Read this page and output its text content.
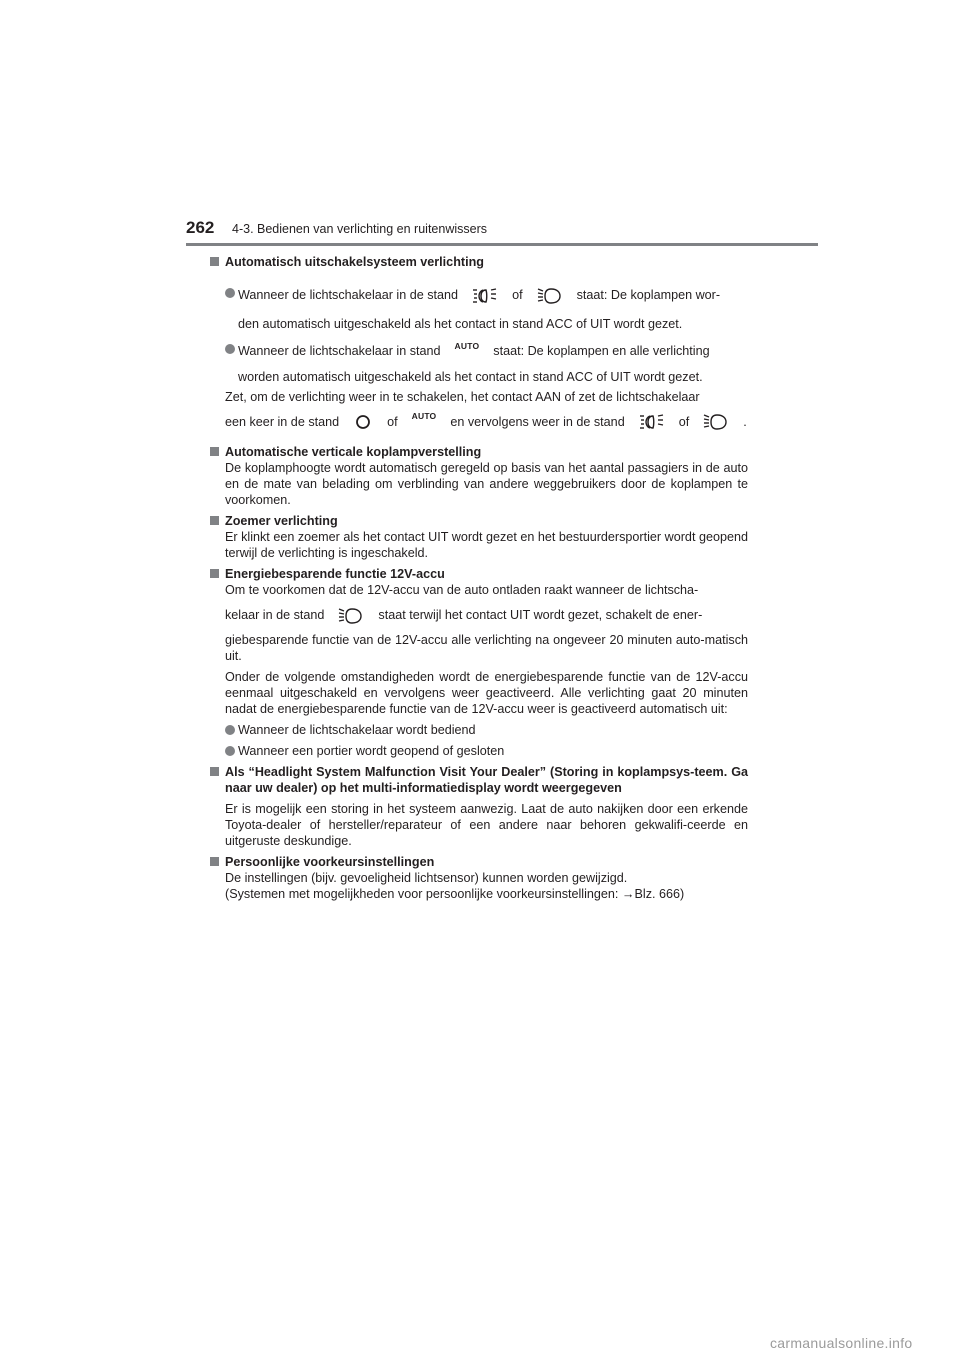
262 4-3. Bedienen van verlichting en ruitenwissers
Automatisch uitschakelsysteem verlichting
Wanneer de lichtschakelaar in de stand	of	staat: De koplampen wor-
den automatisch uitgeschakeld als het contact in stand ACC of UIT wordt gezet.
Wanneer de lichtschakelaar in stand AUTO staat: De koplampen en alle verlichting
worden automatisch uitgeschakeld als het contact in stand ACC of UIT wordt gezet.
Zet, om de verlichting weer in te schakelen, het contact AAN of zet de lichtschakelaar
een keer in de stand	of AUTO en vervolgens weer in de stand	of	.
Automatische verticale koplampverstelling
De koplamphoogte wordt automatisch geregeld op basis van het aantal passagiers in de auto en de mate van belading om verblinding van andere weggebruikers door de koplampen te voorkomen.
Zoemer verlichting
Er klinkt een zoemer als het contact UIT wordt gezet en het bestuurdersportier wordt geopend terwijl de verlichting is ingeschakeld.
Energiebesparende functie 12V-accu
Om te voorkomen dat de 12V-accu van de auto ontladen raakt wanneer de lichtscha-
kelaar in de stand	staat terwijl het contact UIT wordt gezet, schakelt de ener-
giebesparende functie van de 12V-accu alle verlichting na ongeveer 20 minuten auto-matisch uit.
Onder de volgende omstandigheden wordt de energiebesparende functie van de 12V-accu eenmaal uitgeschakeld en vervolgens weer geactiveerd. Alle verlichting gaat 20 minuten nadat de energiebesparende functie van de 12V-accu weer is geactiveerd automatisch uit:
Wanneer de lichtschakelaar wordt bediend
Wanneer een portier wordt geopend of gesloten
Als “Headlight System Malfunction Visit Your Dealer” (Storing in koplampsys-teem. Ga naar uw dealer) op het multi-informatiedisplay wordt weergegeven
Er is mogelijk een storing in het systeem aanwezig. Laat de auto nakijken door een erkende Toyota-dealer of hersteller/reparateur of een andere naar behoren gekwalifi-ceerde en uitgeruste deskundige.
Persoonlijke voorkeursinstellingen
De instellingen (bijv. gevoeligheid lichtsensor) kunnen worden gewijzigd.
(Systemen met mogelijkheden voor persoonlijke voorkeursinstellingen: →Blz. 666)
carmanualsonline.info
